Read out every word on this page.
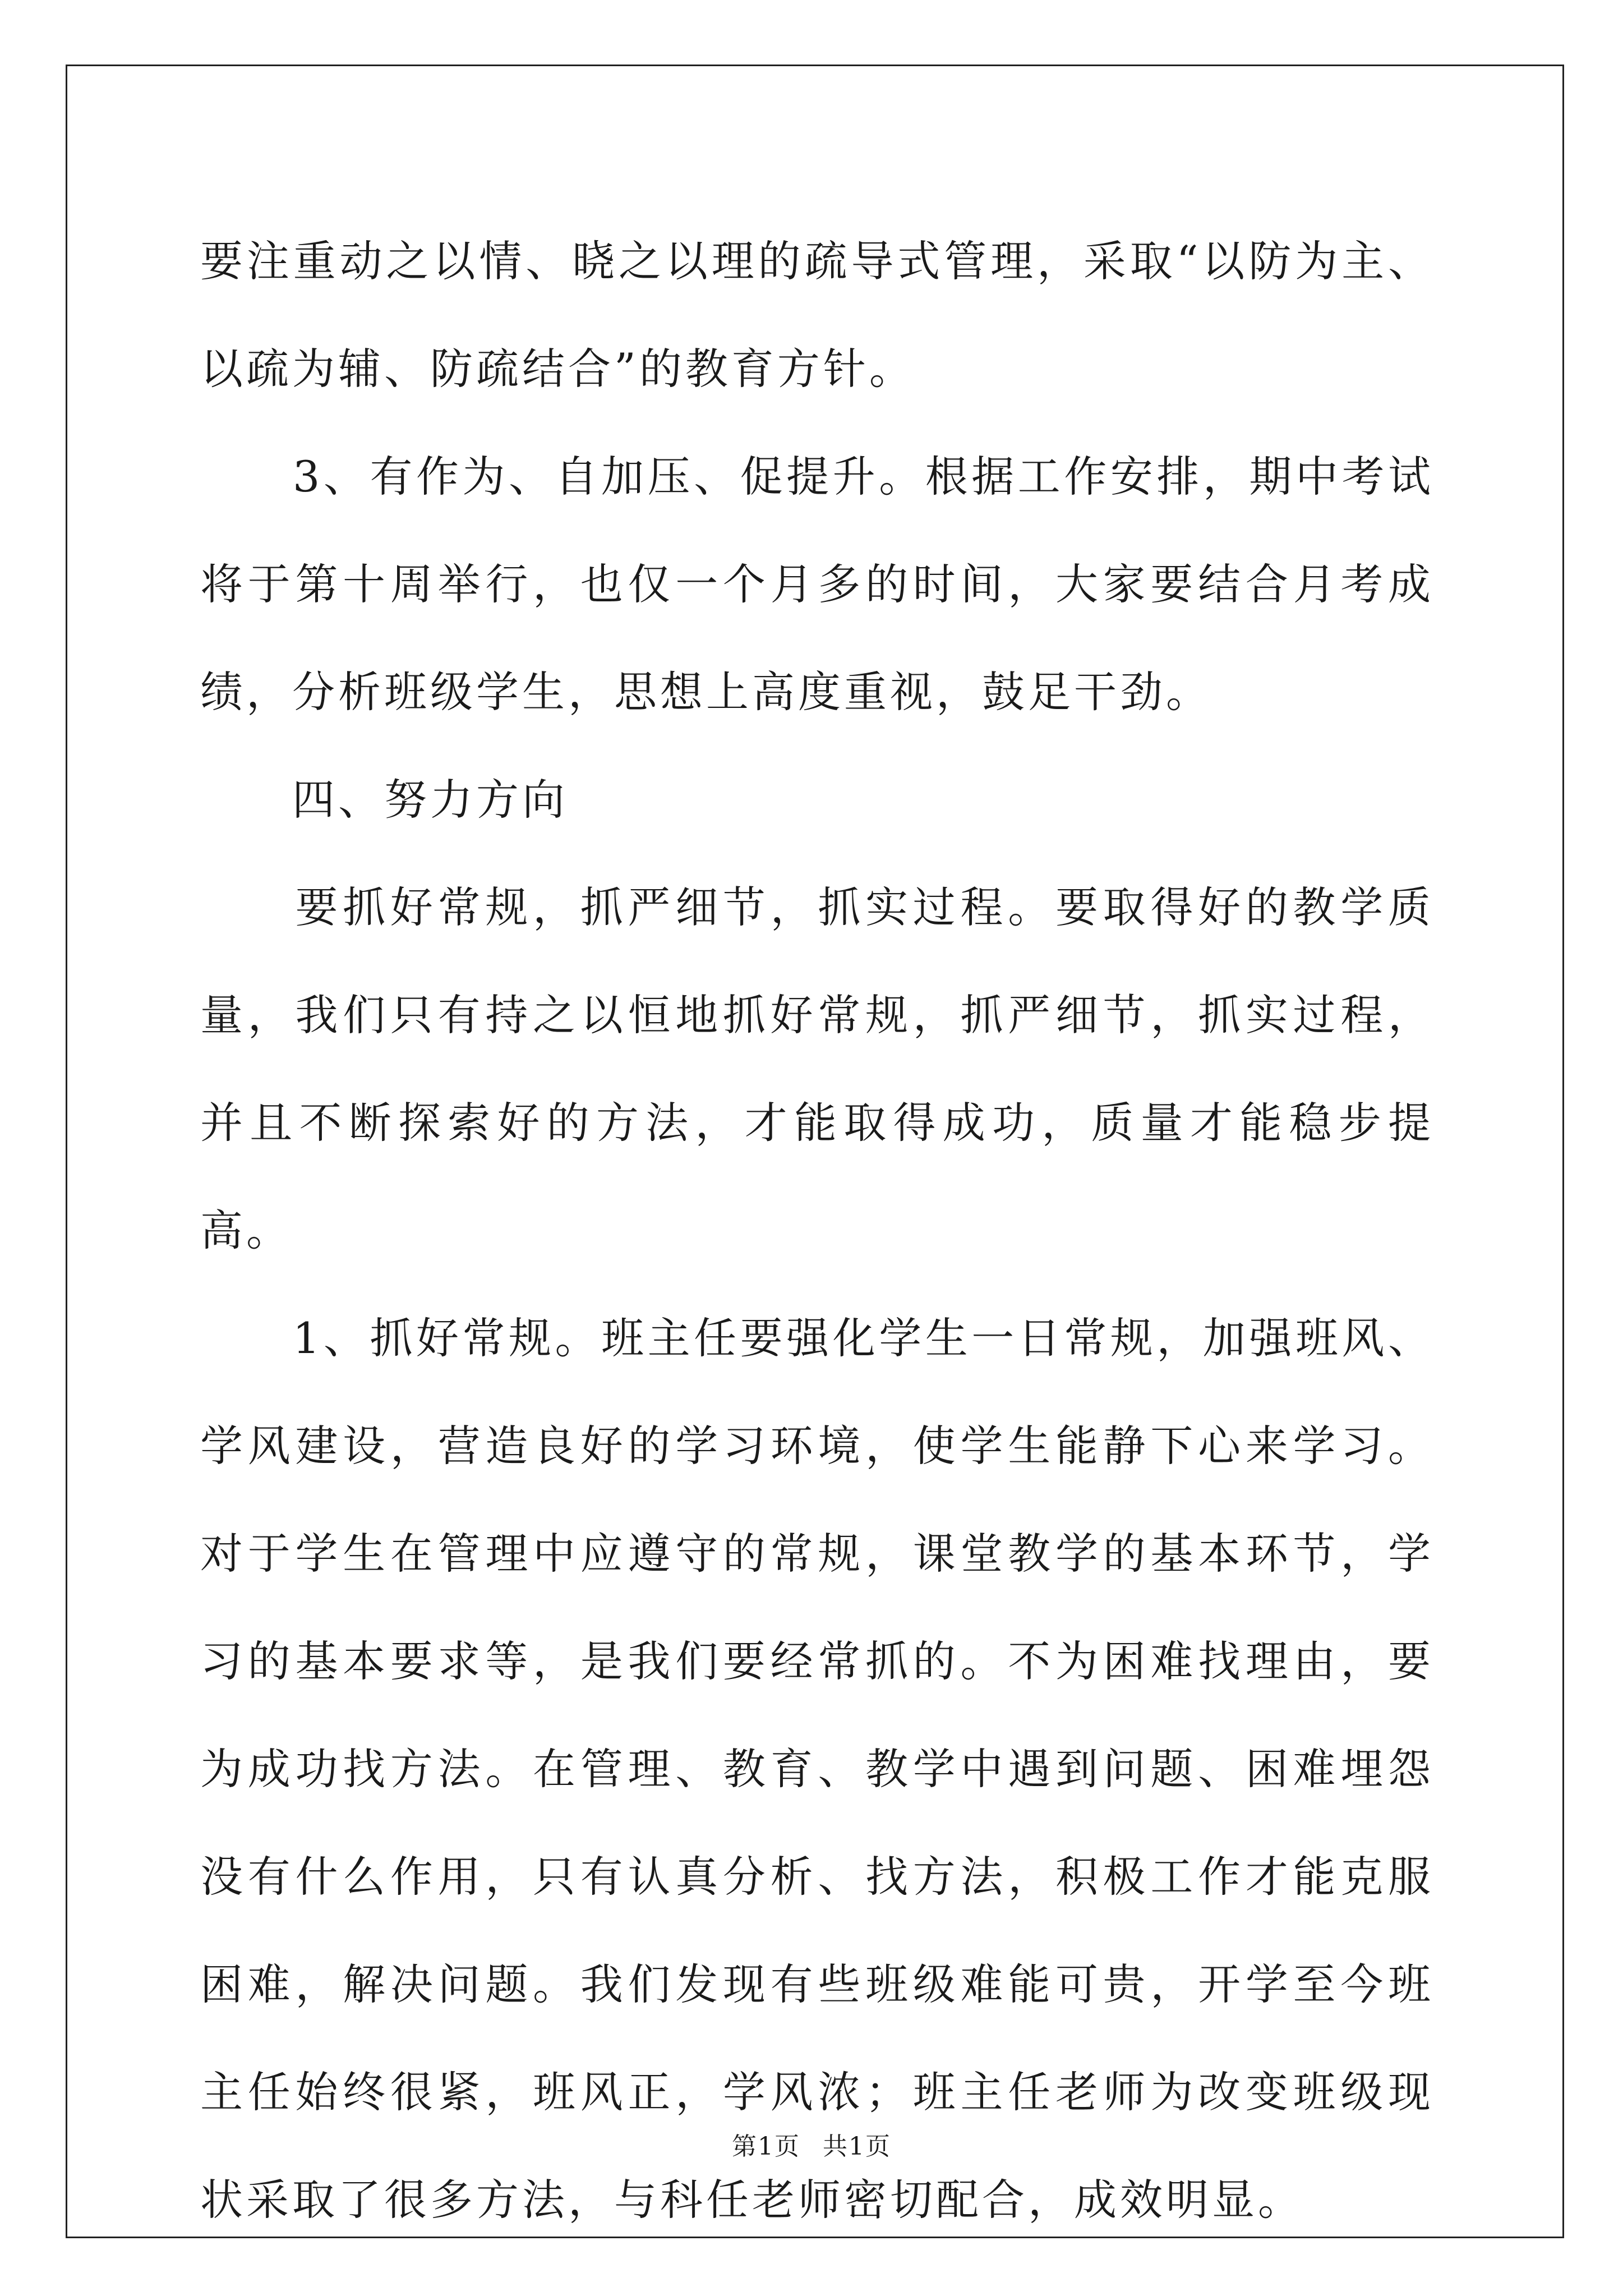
要注重动之以情、晓之以理的疏导式管理，采取“以防为主、以疏为辅、防疏结合”的教育方针。

　　3、有作为、自加压、促提升。根据工作安排，期中考试将于第十周举行，也仅一个月多的时间，大家要结合月考成绩，分析班级学生，思想上高度重视，鼓足干劲。

　　四、努力方向

　　要抓好常规，抓严细节，抓实过程。要取得好的教学质量，我们只有持之以恒地抓好常规，抓严细节，抓实过程，并且不断探索好的方法，才能取得成功，质量才能稳步提高。

　　1、抓好常规。班主任要强化学生一日常规，加强班风、学风建设，营造良好的学习环境，使学生能静下心来学习。对于学生在管理中应遵守的常规，课堂教学的基本环节，学习的基本要求等，是我们要经常抓的。不为困难找理由，要为成功找方法。在管理、教育、教学中遇到问题、困难埋怨没有什么作用，只有认真分析、找方法，积极工作才能克服困难，解决问题。我们发现有些班级难能可贵，开学至今班主任始终很紧，班风正，学风浓；班主任老师为改变班级现状采取了很多方法，与科任老师密切配合，成效明显。

第1页 共1页
